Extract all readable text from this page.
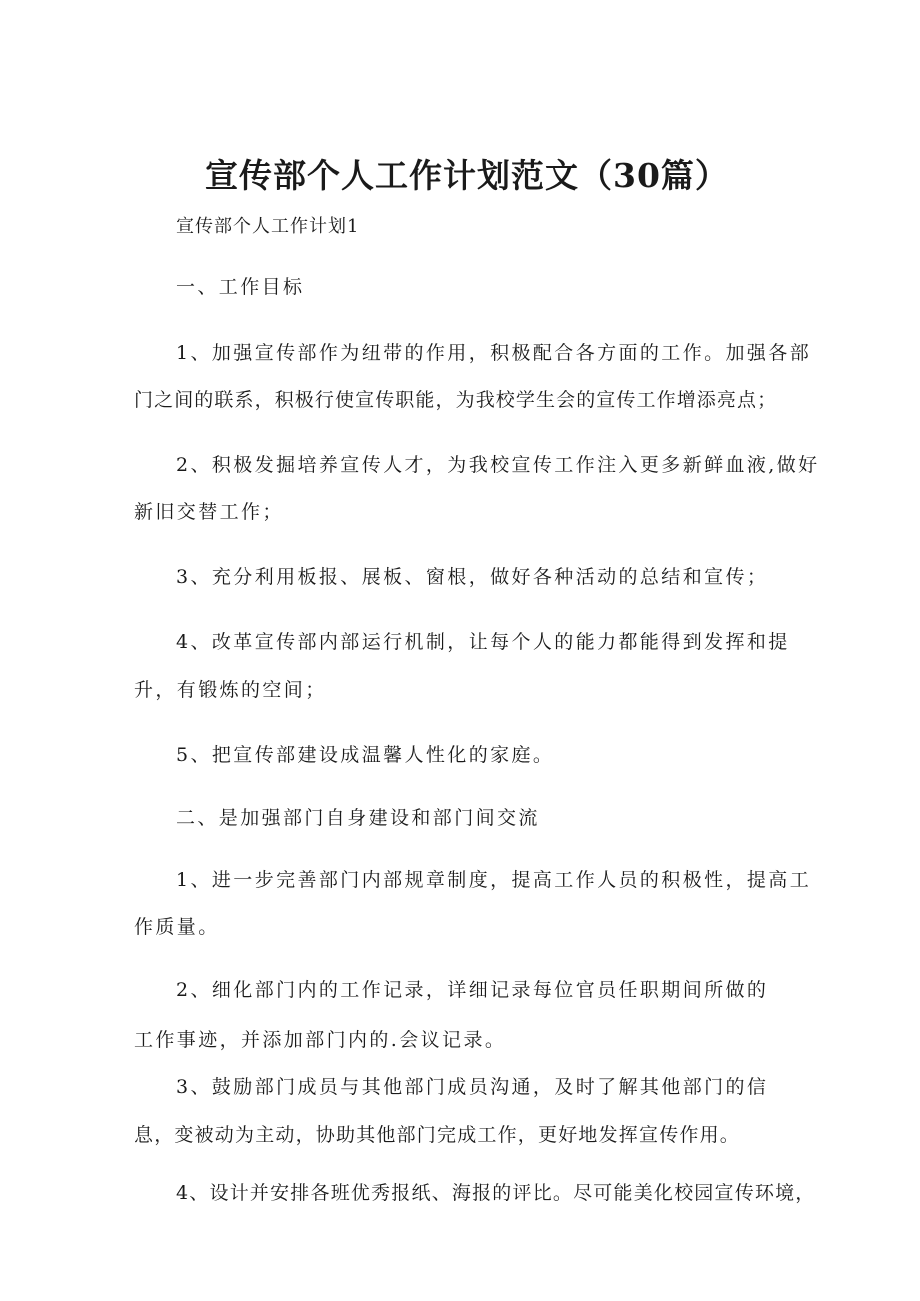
宣传部个人工作计划范文（30篇）

宣传部个人工作计划1

一、工作目标

1、加强宣传部作为纽带的作用，积极配合各方面的工作。加强各部

门之间的联系，积极行使宣传职能，为我校学生会的宣传工作增添亮点；

2、积极发掘培养宣传人才，为我校宣传工作注入更多新鲜血液,做好

新旧交替工作；

3、充分利用板报、展板、窗根，做好各种活动的总结和宣传；

4、改革宣传部内部运行机制，让每个人的能力都能得到发挥和提

升，有锻炼的空间；

5、把宣传部建设成温馨人性化的家庭。

二、是加强部门自身建设和部门间交流

1、进一步完善部门内部规章制度，提高工作人员的积极性，提高工

作质量。

2、细化部门内的工作记录，详细记录每位官员任职期间所做的

工作事迹，并添加部门内的.会议记录。

3、鼓励部门成员与其他部门成员沟通，及时了解其他部门的信

息，变被动为主动，协助其他部门完成工作，更好地发挥宣传作用。

4、设计并安排各班优秀报纸、海报的评比。尽可能美化校园宣传环境，
